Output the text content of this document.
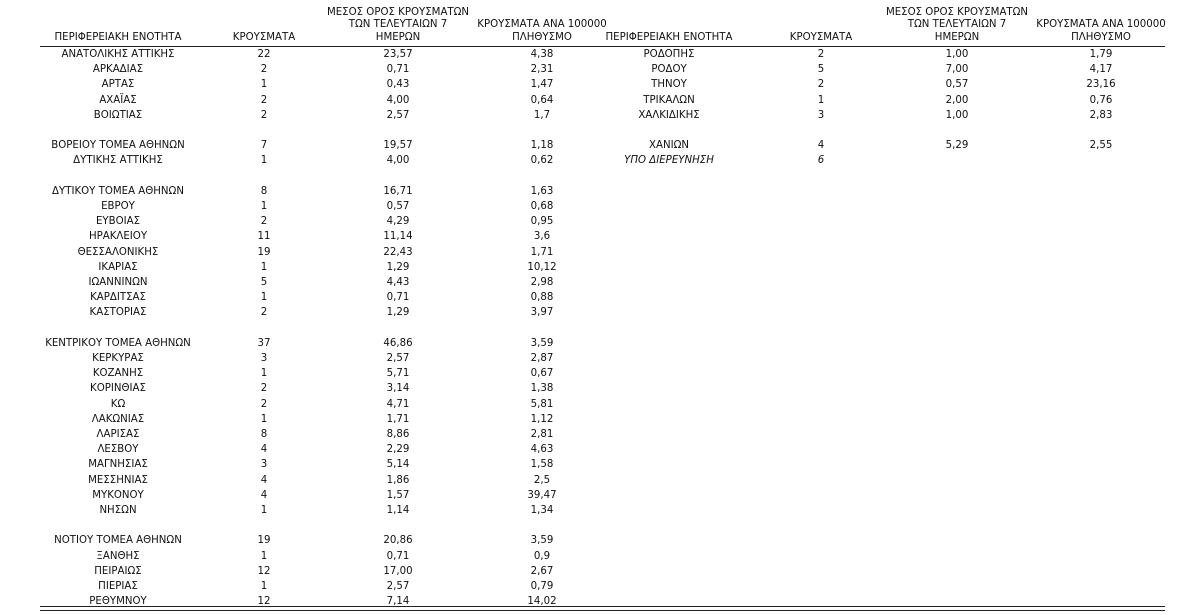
ΠΕΡΙΦΕΡΕΙΑΚΗ ΕΝΟΤΗΤΑ	ΚΡΟΥΣΜΑΤΑ
ΜΕΣΟΣ ΟΡΟΣ ΚΡΟΥΣΜΑΤΩΝ
ΤΩΝ ΤΕΛΕΥΤΑΙΩΝ 7
ΗΜΕΡΩΝ
ΚΡΟΥΣΜΑΤΑ ΑΝΑ 100000
ΠΛΗΘΥΣΜΟ
ΑΝΑΤΟΛΙΚΗΣ ΑΤΤΙΚΗΣ	22	23,57	4,38
ΑΡΚΑΔΙΑΣ	2	0,71	2,31
ΑΡΤΑΣ	1	0,43	1,47
ΑΧΑΪΑΣ	2	4,00	0,64
ΒΟΙΩΤΙΑΣ	2	2,57	1,7
ΒΟΡΕΙΟΥ ΤΟΜΕΑ ΑΘΗΝΩΝ	7	19,57	1,18
ΔΥΤΙΚΗΣ ΑΤΤΙΚΗΣ	1	4,00	0,62
ΔΥΤΙΚΟΥ ΤΟΜΕΑ ΑΘΗΝΩΝ	8	16,71	1,63
ΕΒΡΟΥ	1	0,57	0,68
ΕΥΒΟΙΑΣ	2	4,29	0,95
ΗΡΑΚΛΕΙΟΥ	11	11,14	3,6
ΘΕΣΣΑΛΟΝΙΚΗΣ	19	22,43	1,71
ΙΚΑΡΙΑΣ	1	1,29	10,12
ΙΩΑΝΝΙΝΩΝ	5	4,43	2,98
ΚΑΡΔΙΤΣΑΣ	1	0,71	0,88
ΚΑΣΤΟΡΙΑΣ	2	1,29	3,97
ΚΕΝΤΡΙΚΟΥ ΤΟΜΕΑ ΑΘΗΝΩΝ	37	46,86	3,59
ΚΕΡΚΥΡΑΣ	3	2,57	2,87
ΚΟΖΑΝΗΣ	1	5,71	0,67
ΚΟΡΙΝΘΙΑΣ	2	3,14	1,38
ΚΩ	2	4,71	5,81
ΛΑΚΩΝΙΑΣ	1	1,71	1,12
ΛΑΡΙΣΑΣ	8	8,86	2,81
ΛΕΣΒΟΥ	4	2,29	4,63
ΜΑΓΝΗΣΙΑΣ	3	5,14	1,58
ΜΕΣΣΗΝΙΑΣ	4	1,86	2,5
ΜΥΚΟΝΟΥ	4	1,57	39,47
ΝΗΣΩΝ	1	1,14	1,34
ΝΟΤΙΟΥ ΤΟΜΕΑ ΑΘΗΝΩΝ	19	20,86	3,59
ΞΑΝΘΗΣ	1	0,71	0,9
ΠΕΙΡΑΙΩΣ	12	17,00	2,67
ΠΙΕΡΙΑΣ	1	2,57	0,79
ΡΕΘΥΜΝΟΥ	12	7,14	14,02
ΠΕΡΙΦΕΡΕΙΑΚΗ ΕΝΟΤΗΤΑ	ΚΡΟΥΣΜΑΤΑ
ΜΕΣΟΣ ΟΡΟΣ ΚΡΟΥΣΜΑΤΩΝ
ΤΩΝ ΤΕΛΕΥΤΑΙΩΝ 7
ΗΜΕΡΩΝ
ΚΡΟΥΣΜΑΤΑ ΑΝΑ 100000
ΠΛΗΘΥΣΜΟ
ΡΟΔΟΠΗΣ	2	1,00	1,79
ΡΟΔΟΥ	5	7,00	4,17
ΤΗΝΟΥ	2	0,57	23,16
ΤΡΙΚΑΛΩΝ	1	2,00	0,76
ΧΑΛΚΙΔΙΚΗΣ	3	1,00	2,83
ΧΑΝΙΩΝ	4	5,29	2,55
ΥΠΟ ΔΙΕΡΕΥΝΗΣΗ	6
